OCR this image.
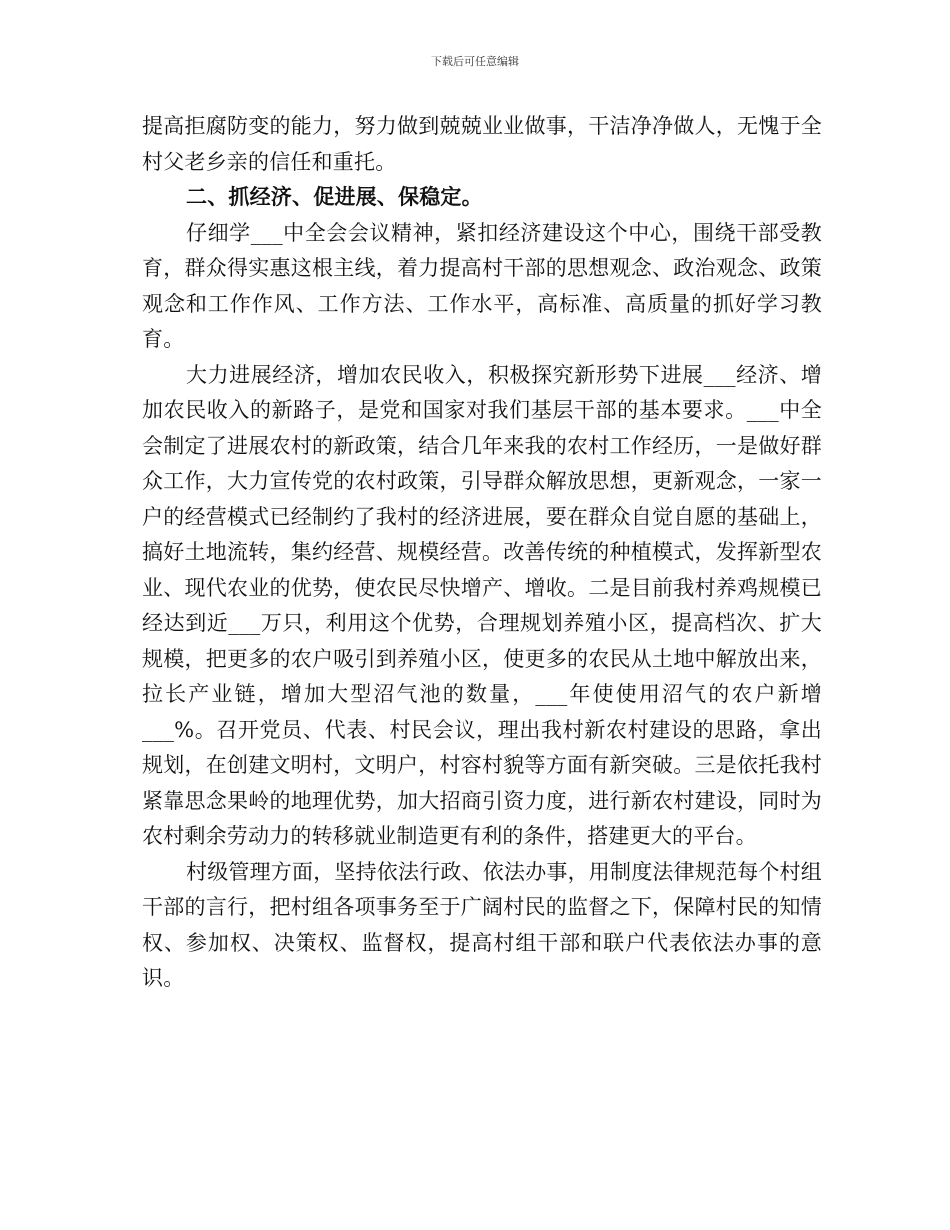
下载后可任意编辑

提高拒腐防变的能力，努力做到兢兢业业做事，干洁净净做人，无愧于全村父老乡亲的信任和重托。

二、抓经济、促进展、保稳定。

仔细学___中全会会议精神，紧扣经济建设这个中心，围绕干部受教育，群众得实惠这根主线，着力提高村干部的思想观念、政治观念、政策观念和工作作风、工作方法、工作水平，高标准、高质量的抓好学习教育。

大力进展经济，增加农民收入，积极探究新形势下进展___经济、增加农民收入的新路子，是党和国家对我们基层干部的基本要求。___中全会制定了进展农村的新政策，结合几年来我的农村工作经历，一是做好群众工作，大力宣传党的农村政策，引导群众解放思想，更新观念，一家一户的经营模式已经制约了我村的经济进展，要在群众自觉自愿的基础上，搞好土地流转，集约经营、规模经营。改善传统的种植模式，发挥新型农业、现代农业的优势，使农民尽快增产、增收。二是目前我村养鸡规模已经达到近___万只，利用这个优势，合理规划养殖小区，提高档次、扩大规模，把更多的农户吸引到养殖小区，使更多的农民从土地中解放出来，拉长产业链，增加大型沼气池的数量，___年使使用沼气的农户新增___%。召开党员、代表、村民会议，理出我村新农村建设的思路，拿出规划，在创建文明村，文明户，村容村貌等方面有新突破。三是依托我村紧靠思念果岭的地理优势，加大招商引资力度，进行新农村建设，同时为农村剩余劳动力的转移就业制造更有利的条件，搭建更大的平台。

村级管理方面，坚持依法行政、依法办事，用制度法律规范每个村组干部的言行，把村组各项事务至于广阔村民的监督之下，保障村民的知情权、参加权、决策权、监督权，提高村组干部和联户代表依法办事的意识。
